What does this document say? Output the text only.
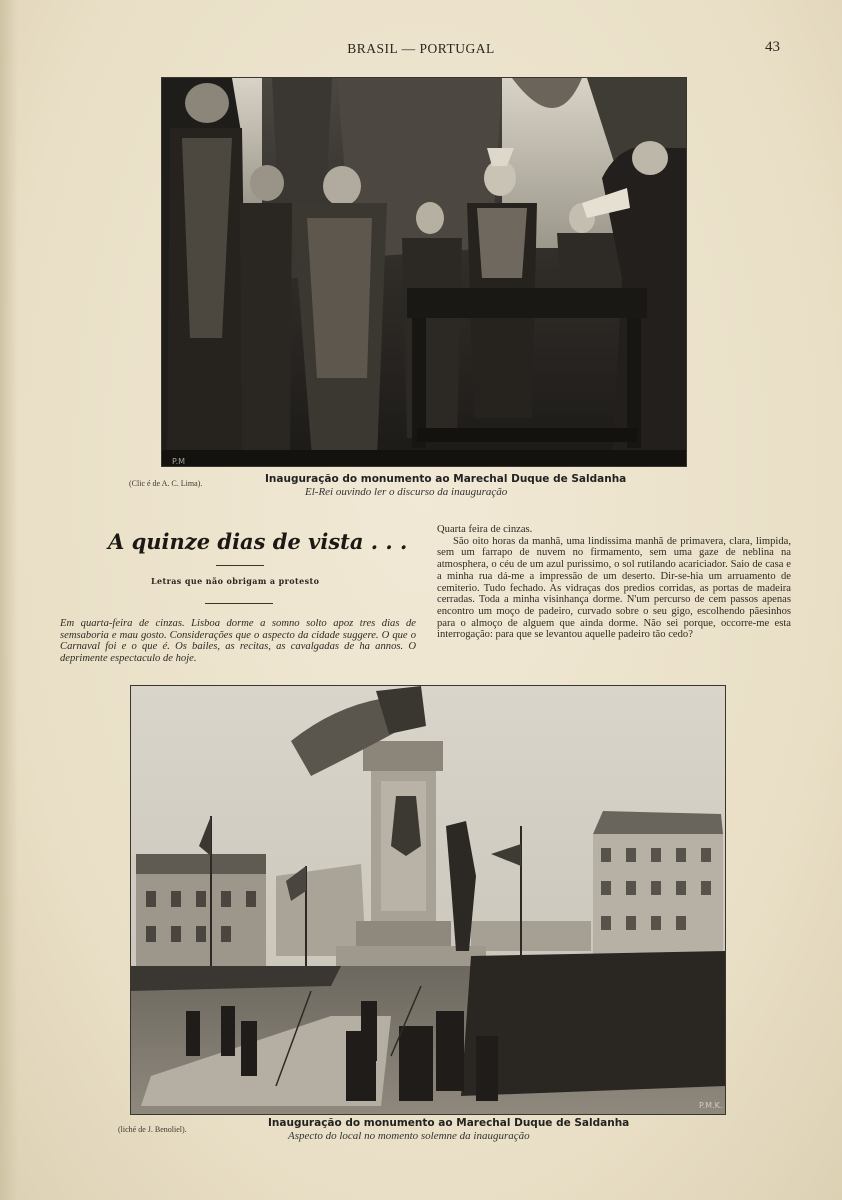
BRASIL — PORTUGAL	43
P.M
(Clic é de A. C. Lima).	Inauguração do monumento ao Marechal Duque de Saldanha
El-Rei ouvindo ler o discurso da inauguração
A quinze dias de vista . . .
Letras que não obrigam a protesto
Em quarta-feira de cinzas. Lisboa dorme a somno solto apoz tres dias de semsaboria e mau gosto. Considerações que o aspecto da cidade suggere. O que o Carnaval foi e o que é. Os bailes, as recitas, as cavalgadas de ha annos. O deprimente espectaculo de hoje.

Quarta feira de cinzas.

São oito horas da manhã, uma lindissima manhã de primavera, clara, limpida, sem um farrapo de nuvem no firmamento, sem uma gaze de neblina na atmosphera, o céu de um azul purissimo, o sol rutilando acariciador. Saio de casa e a minha rua dá-me a impressão de um deserto. Dir-se-hia um arruamento de cemiterio. Tudo fechado. As vidraças dos predios corridas, as portas de madeira cerradas. Toda a minha visinhança dorme. N'um percurso de cem passos apenas encontro um moço de padeiro, curvado sobre o seu gigo, escolhendo pãesinhos para o almoço de alguem que ainda dorme. Não sei porque, occorre-me esta interrogação: para que se levantou aquelle padeiro tão cedo?

P.M.K.
(liché de J. Benoliel).
Inauguração do monumento ao Marechal Duque de Saldanha
Aspecto do local no momento solemne da inauguração
